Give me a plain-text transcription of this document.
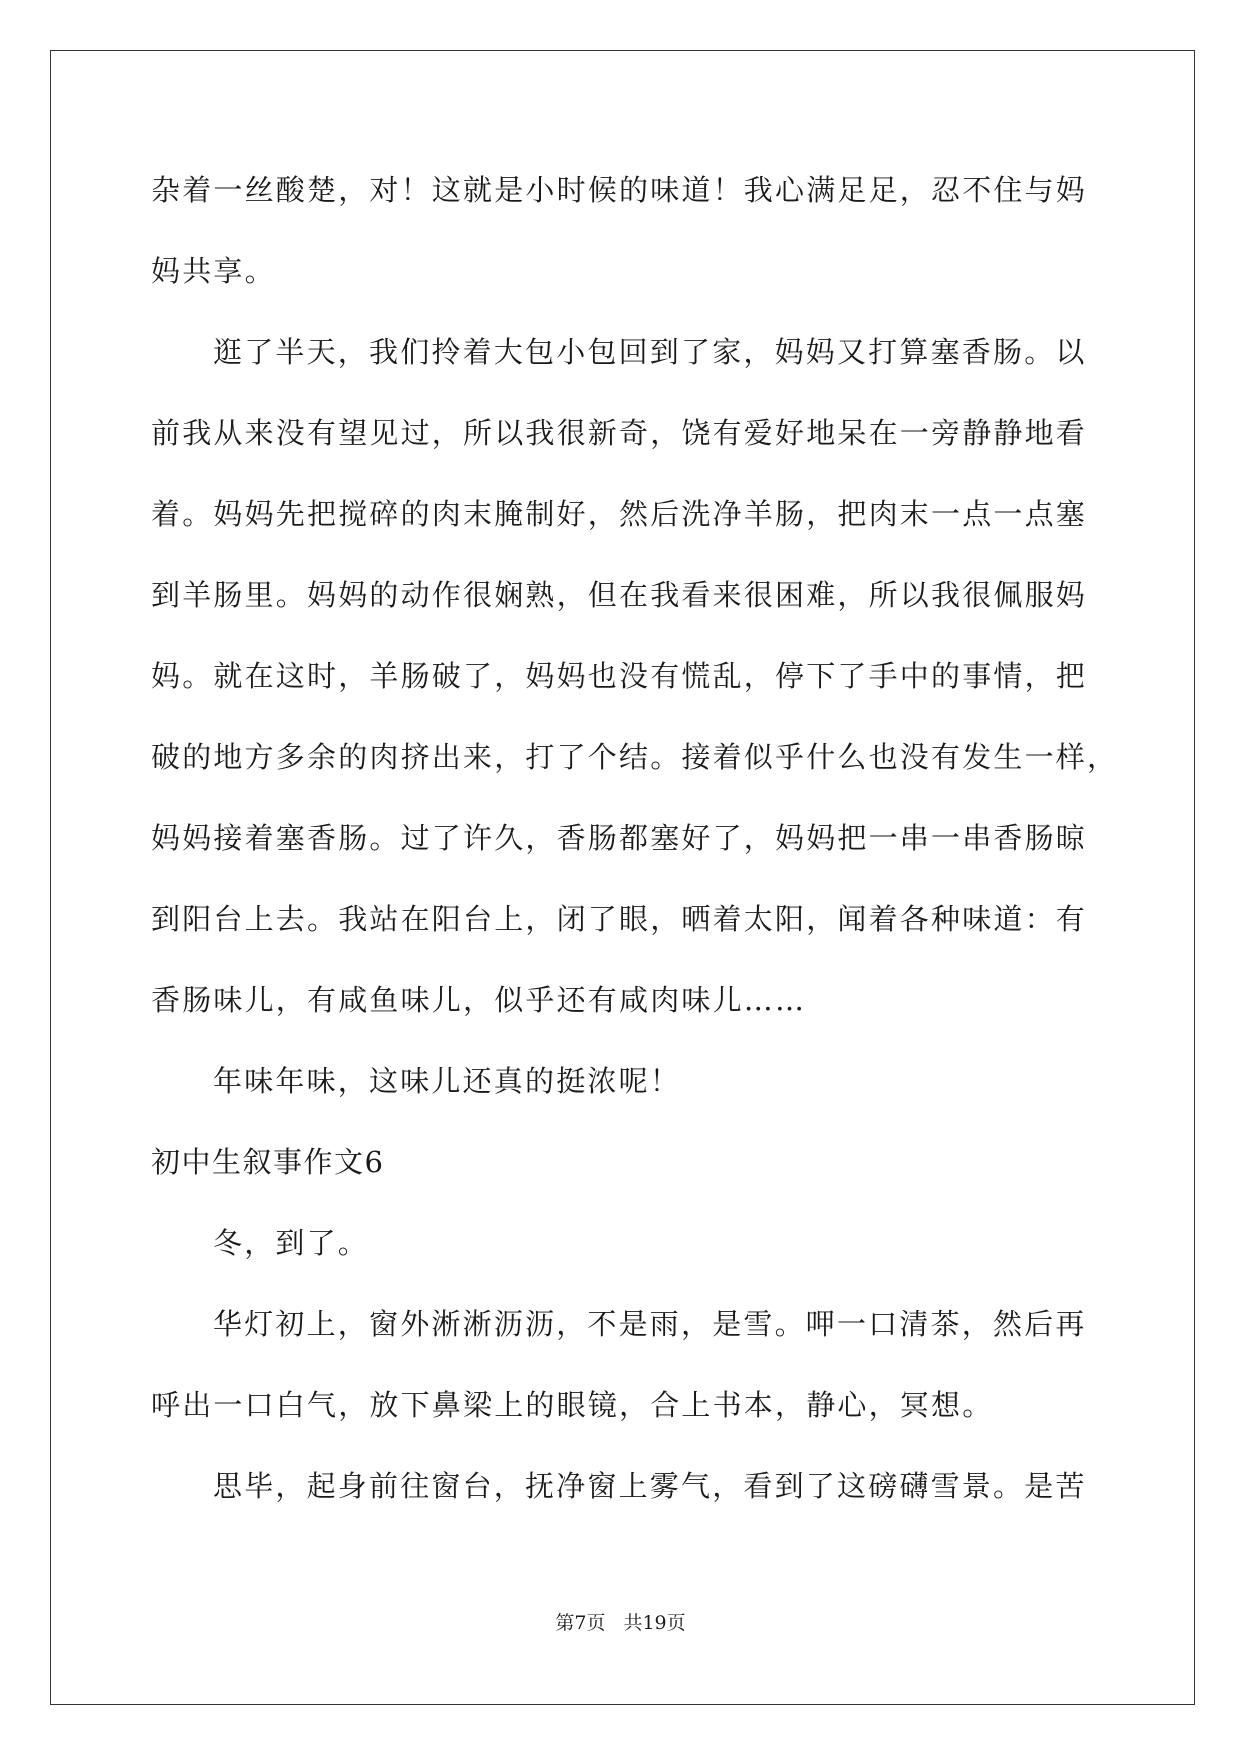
杂着一丝酸楚，对！这就是小时候的味道！我心满足足，忍不住与妈
妈共享。
逛了半天，我们拎着大包小包回到了家，妈妈又打算塞香肠。以
前我从来没有望见过，所以我很新奇，饶有爱好地呆在一旁静静地看
着。妈妈先把搅碎的肉末腌制好，然后洗净羊肠，把肉末一点一点塞
到羊肠里。妈妈的动作很娴熟，但在我看来很困难，所以我很佩服妈
妈。就在这时，羊肠破了，妈妈也没有慌乱，停下了手中的事情，把
破的地方多余的肉挤出来，打了个结。接着似乎什么也没有发生一样，
妈妈接着塞香肠。过了许久，香肠都塞好了，妈妈把一串一串香肠晾
到阳台上去。我站在阳台上，闭了眼，晒着太阳，闻着各种味道：有
香肠味儿，有咸鱼味儿，似乎还有咸肉味儿……
年味年味，这味儿还真的挺浓呢！
初中生叙事作文6
冬，到了。
华灯初上，窗外淅淅沥沥，不是雨，是雪。呷一口清茶，然后再
呼出一口白气，放下鼻梁上的眼镜，合上书本，静心，冥想。
思毕，起身前往窗台，抚净窗上雾气，看到了这磅礴雪景。是苦
第7页 共19页
